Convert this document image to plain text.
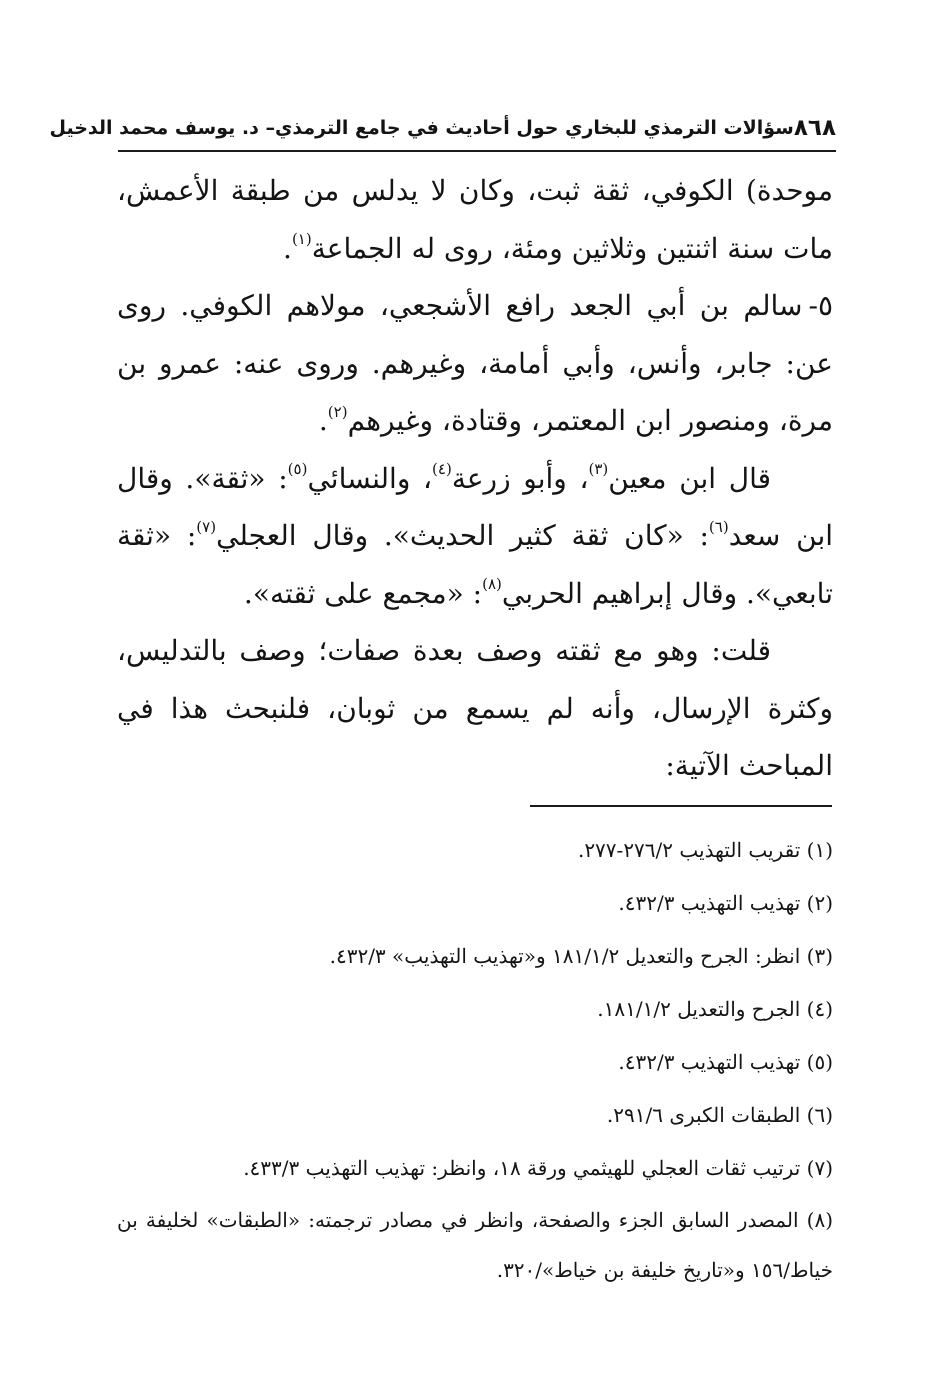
٨٦٨
سؤالات الترمذي للبخاري حول أحاديث في جامع الترمذي– د. يوسف محمد الدخيل

موحدة) الكوفي، ثقة ثبت، وكان لا يدلس من طبقة الأعمش، مات سنة اثنتين وثلاثين ومئة، روى له الجماعة$^{(١)}$.

٥-سالم بن أبي الجعد رافع الأشجعي، مولاهم الكوفي. روى عن: جابر، وأنس، وأبي أمامة، وغيرهم. وروى عنه: عمرو بن مرة، ومنصور ابن المعتمر، وقتادة، وغيرهم$^{(٢)}$.

قال ابن معين$^{(٣)}$، وأبو زرعة$^{(٤)}$، والنسائي$^{(٥)}$: «ثقة». وقال ابن سعد$^{(٦)}$: «كان ثقة كثير الحديث». وقال العجلي$^{(٧)}$: «ثقة تابعي». وقال إبراهيم الحربي$^{(٨)}$: «مجمع على ثقته».

قلت: وهو مع ثقته وصف بعدة صفات؛ وصف بالتدليس، وكثرة الإرسال، وأنه لم يسمع من ثوبان، فلنبحث هذا في المباحث الآتية:

(١) تقريب التهذيب ٢٧٦/٢-٢٧٧.
(٢) تهذيب التهذيب ٤٣٢/٣.
(٣) انظر: الجرح والتعديل ١٨١/١/٢ و«تهذيب التهذيب» ٤٣٢/٣.
(٤) الجرح والتعديل ١٨١/١/٢.
(٥) تهذيب التهذيب ٤٣٢/٣.
(٦) الطبقات الكبرى ٢٩١/٦.
(٧) ترتيب ثقات العجلي للهيثمي ورقة ١٨، وانظر: تهذيب التهذيب ٤٣٣/٣.
(٨) المصدر السابق الجزء والصفحة، وانظر في مصادر ترجمته: «الطبقات» لخليفة بن خياط/١٥٦ و«تاريخ خليفة بن خياط»/٣٢٠.
